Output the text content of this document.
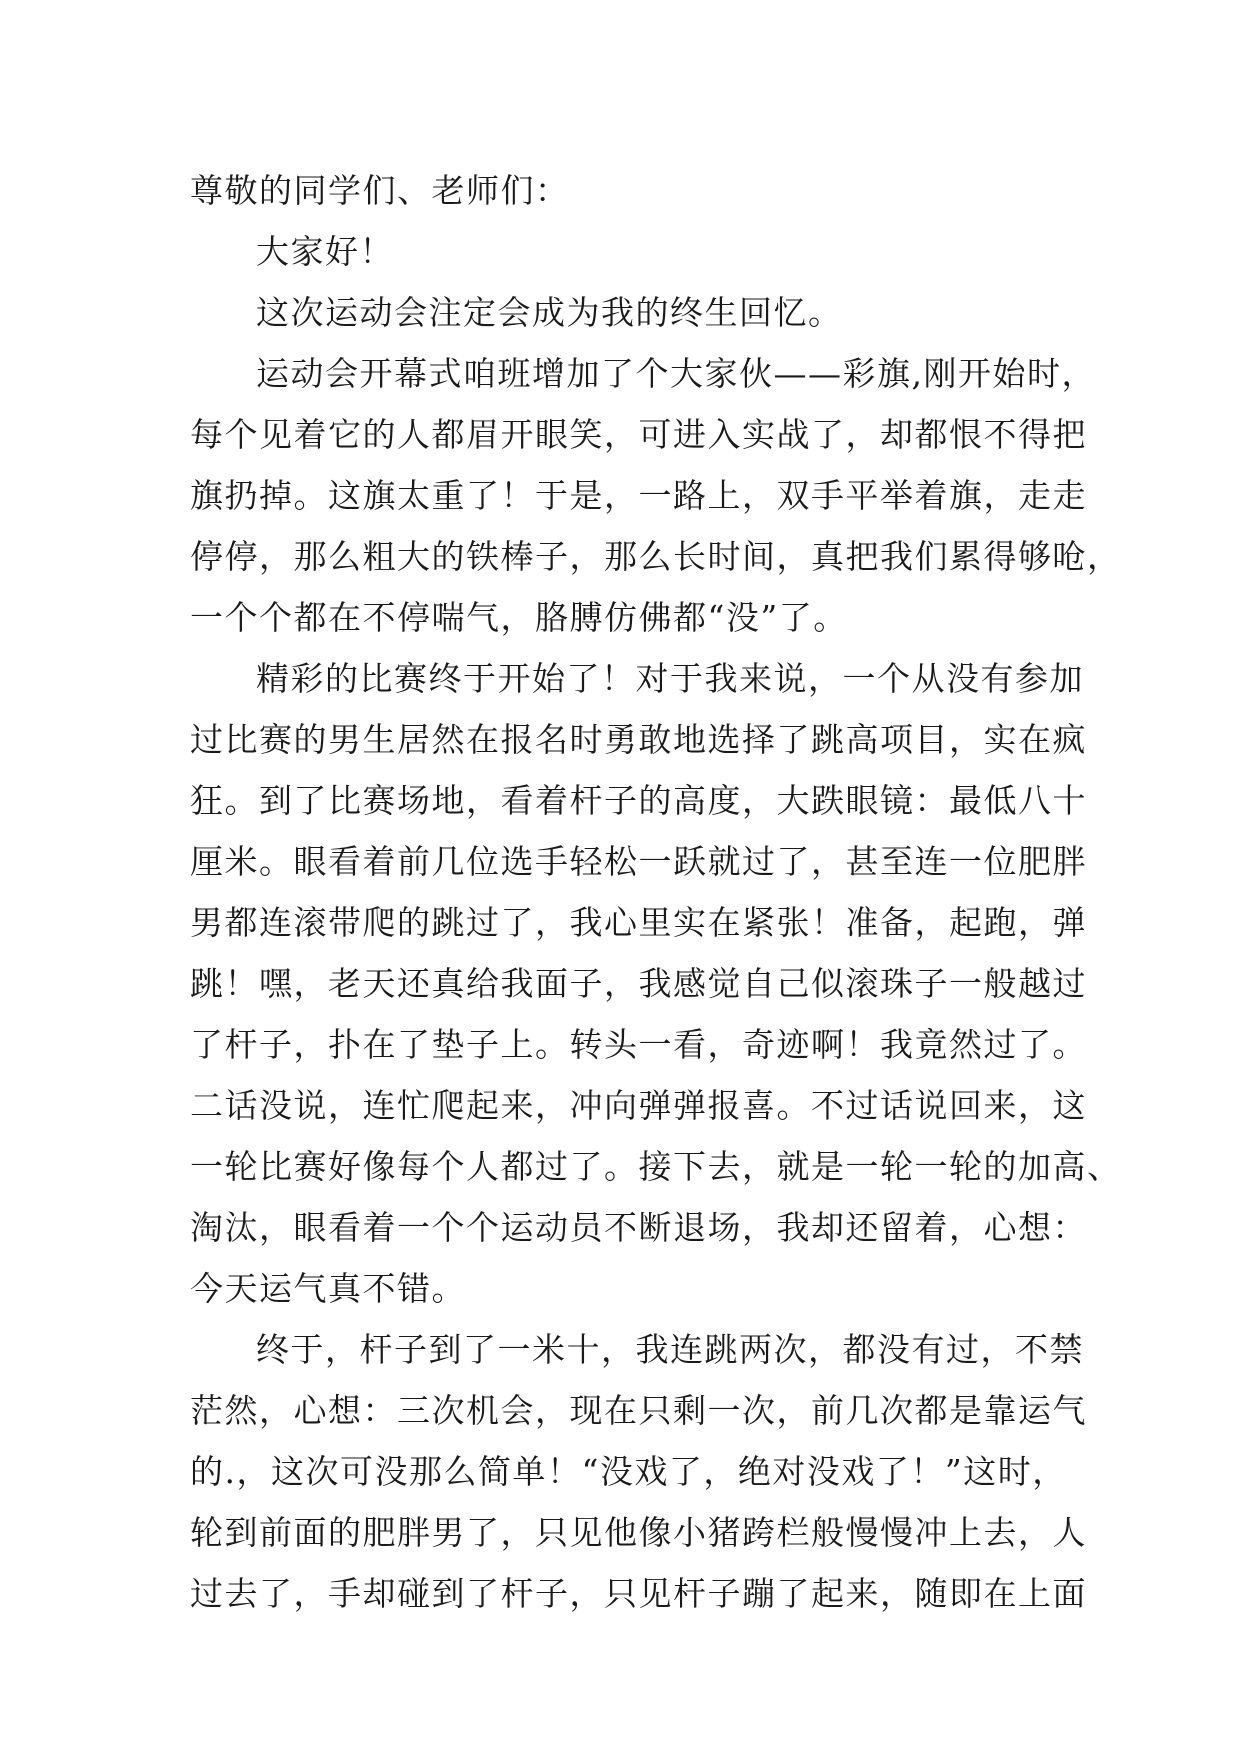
尊敬的同学们、老师们：
大家好！
这次运动会注定会成为我的终生回忆。
运动会开幕式咱班增加了个大家伙——彩旗,刚开始时，
每个见着它的人都眉开眼笑，可进入实战了，却都恨不得把
旗扔掉。这旗太重了！于是，一路上，双手平举着旗，走走
停停，那么粗大的铁棒子，那么长时间，真把我们累得够呛，
一个个都在不停喘气，胳膊仿佛都“没”了。
精彩的比赛终于开始了！对于我来说，一个从没有参加
过比赛的男生居然在报名时勇敢地选择了跳高项目，实在疯
狂。到了比赛场地，看着杆子的高度，大跌眼镜：最低八十
厘米。眼看着前几位选手轻松一跃就过了，甚至连一位肥胖
男都连滚带爬的跳过了，我心里实在紧张！准备，起跑，弹
跳！嘿，老天还真给我面子，我感觉自己似滚珠子一般越过
了杆子，扑在了垫子上。转头一看，奇迹啊！我竟然过了。
二话没说，连忙爬起来，冲向弹弹报喜。不过话说回来，这
一轮比赛好像每个人都过了。接下去，就是一轮一轮的加高、
淘汰，眼看着一个个运动员不断退场，我却还留着，心想：
今天运气真不错。
终于，杆子到了一米十，我连跳两次，都没有过，不禁
茫然，心想：三次机会，现在只剩一次，前几次都是靠运气
的.，这次可没那么简单！“没戏了，绝对没戏了！”这时，
轮到前面的肥胖男了，只见他像小猪跨栏般慢慢冲上去，人
过去了，手却碰到了杆子，只见杆子蹦了起来，随即在上面
